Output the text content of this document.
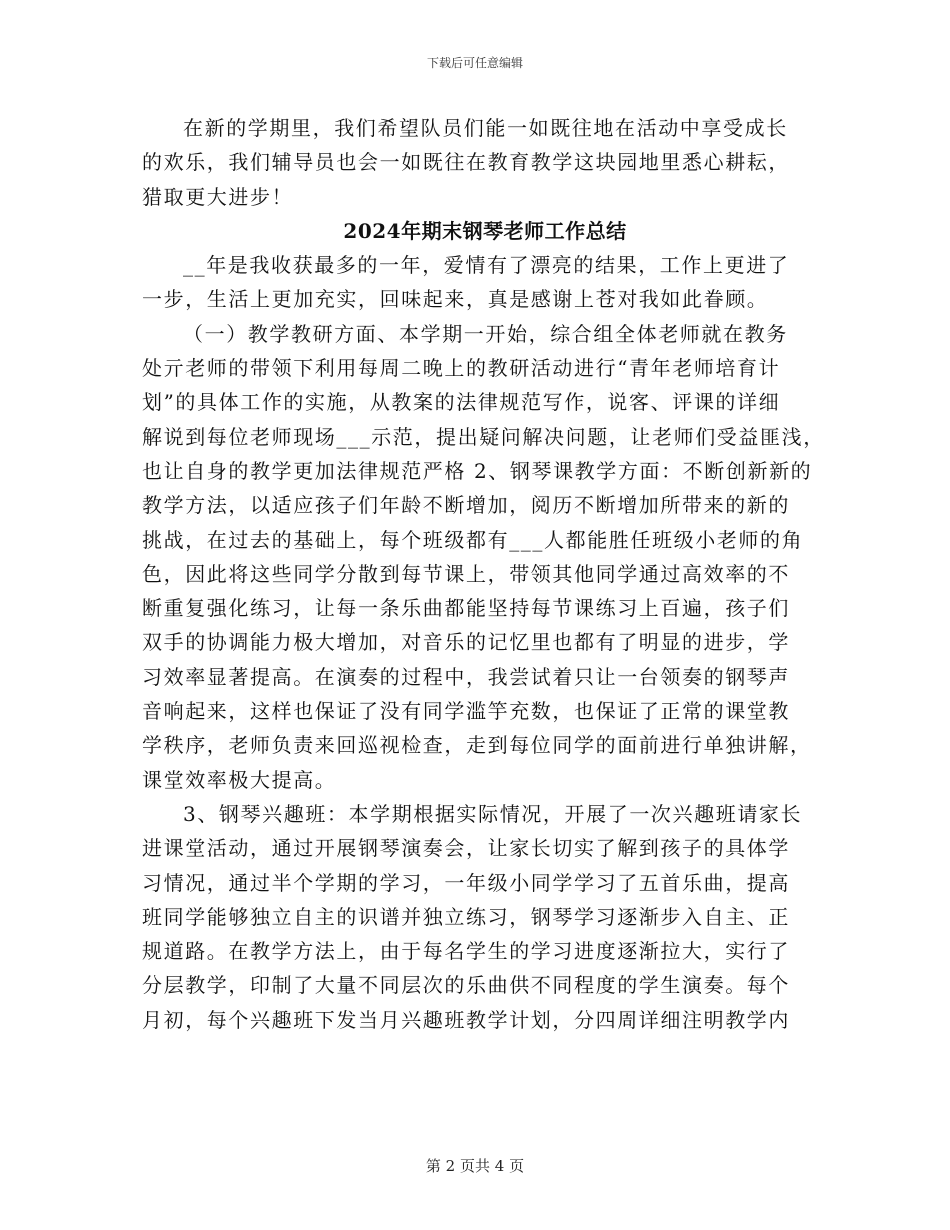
下载后可任意编辑
在新的学期里，我们希望队员们能一如既往地在活动中享受成长
的欢乐，我们辅导员也会一如既往在教育教学这块园地里悉心耕耘，
猎取更大进步！
2024年期末钢琴老师工作总结
__年是我收获最多的一年，爱情有了漂亮的结果，工作上更进了
一步，生活上更加充实，回味起来，真是感谢上苍对我如此眷顾。
（一）教学教研方面、本学期一开始，综合组全体老师就在教务
处亓老师的带领下利用每周二晚上的教研活动进行“青年老师培育计
划”的具体工作的实施，从教案的法律规范写作，说客、评课的详细
解说到每位老师现场___示范，提出疑问解决问题，让老师们受益匪浅，
也让自身的教学更加法律规范严格 2、钢琴课教学方面：不断创新新的
教学方法，以适应孩子们年龄不断增加，阅历不断增加所带来的新的
挑战，在过去的基础上，每个班级都有___人都能胜任班级小老师的角
色，因此将这些同学分散到每节课上，带领其他同学通过高效率的不
断重复强化练习，让每一条乐曲都能坚持每节课练习上百遍，孩子们
双手的协调能力极大增加，对音乐的记忆里也都有了明显的进步，学
习效率显著提高。在演奏的过程中，我尝试着只让一台领奏的钢琴声
音响起来，这样也保证了没有同学滥竽充数，也保证了正常的课堂教
学秩序，老师负责来回巡视检查，走到每位同学的面前进行单独讲解，
课堂效率极大提高。
3、钢琴兴趣班：本学期根据实际情况，开展了一次兴趣班请家长
进课堂活动，通过开展钢琴演奏会，让家长切实了解到孩子的具体学
习情况，通过半个学期的学习，一年级小同学学习了五首乐曲，提高
班同学能够独立自主的识谱并独立练习，钢琴学习逐渐步入自主、正
规道路。在教学方法上，由于每名学生的学习进度逐渐拉大，实行了
分层教学，印制了大量不同层次的乐曲供不同程度的学生演奏。每个
月初，每个兴趣班下发当月兴趣班教学计划，分四周详细注明教学内
第 2 页共 4 页
